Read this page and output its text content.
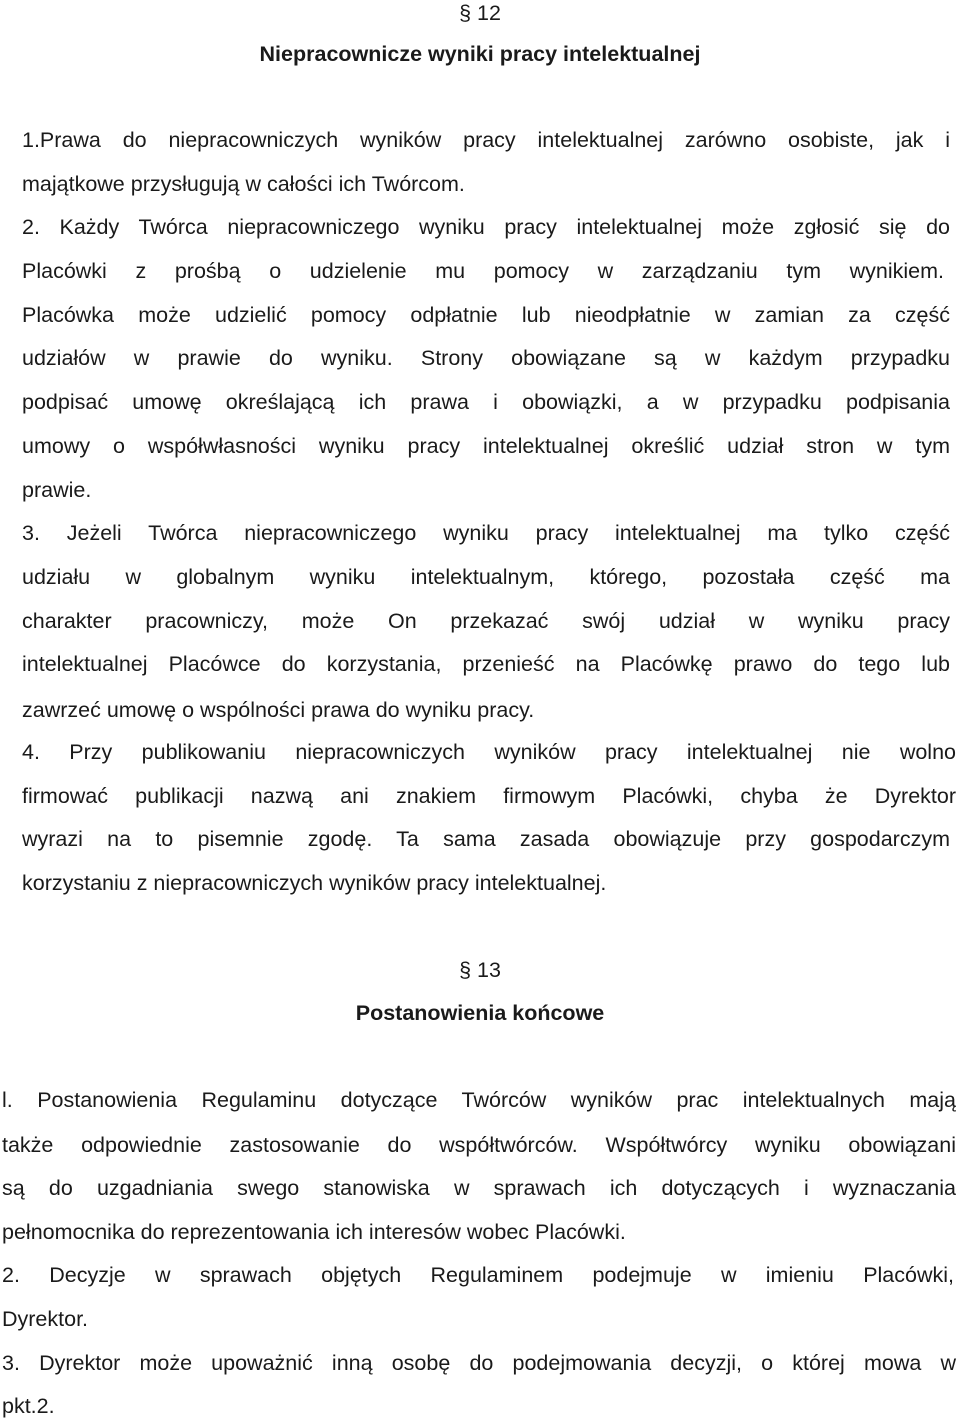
§ 12
Niepracownicze wyniki pracy intelektualnej
1.Prawa do niepracowniczych wyników pracy intelektualnej zarówno osobiste, jak i
majątkowe przysługują w całości ich Twórcom.
2. Każdy Twórca niepracowniczego wyniku pracy intelektualnej może zgłosić się do
Placówki z prośbą o udzielenie mu pomocy w zarządzaniu tym wynikiem.
Placówka może udzielić pomocy odpłatnie lub nieodpłatnie w zamian za część
udziałów w prawie do wyniku. Strony obowiązane są w każdym przypadku
podpisać umowę określającą ich prawa i obowiązki, a w przypadku podpisania
umowy o współwłasności wyniku pracy intelektualnej określić udział stron w tym
prawie.
3. Jeżeli Twórca niepracowniczego wyniku pracy intelektualnej ma tylko część
udziału w globalnym wyniku intelektualnym, którego, pozostała część ma
charakter pracowniczy, może On przekazać swój udział w wyniku pracy
intelektualnej Placówce do korzystania, przenieść na Placówkę prawo do tego lub
zawrzeć umowę o wspólności prawa do wyniku pracy.
4. Przy publikowaniu niepracowniczych wyników pracy intelektualnej nie wolno
firmować publikacji nazwą ani znakiem firmowym Placówki, chyba że Dyrektor
wyrazi na to pisemnie zgodę. Ta sama zasada obowiązuje przy gospodarczym
korzystaniu z niepracowniczych wyników pracy intelektualnej.
§ 13
Postanowienia końcowe
l. Postanowienia Regulaminu dotyczące Twórców wyników prac intelektualnych mają
także odpowiednie zastosowanie do współtwórców. Współtwórcy wyniku obowiązani
są do uzgadniania swego stanowiska w sprawach ich dotyczących i wyznaczania
pełnomocnika do reprezentowania ich interesów wobec Placówki.
2. Decyzje w sprawach objętych Regulaminem podejmuje w imieniu Placówki,
Dyrektor.
3. Dyrektor może upoważnić inną osobę do podejmowania decyzji, o której mowa w
pkt.2.
